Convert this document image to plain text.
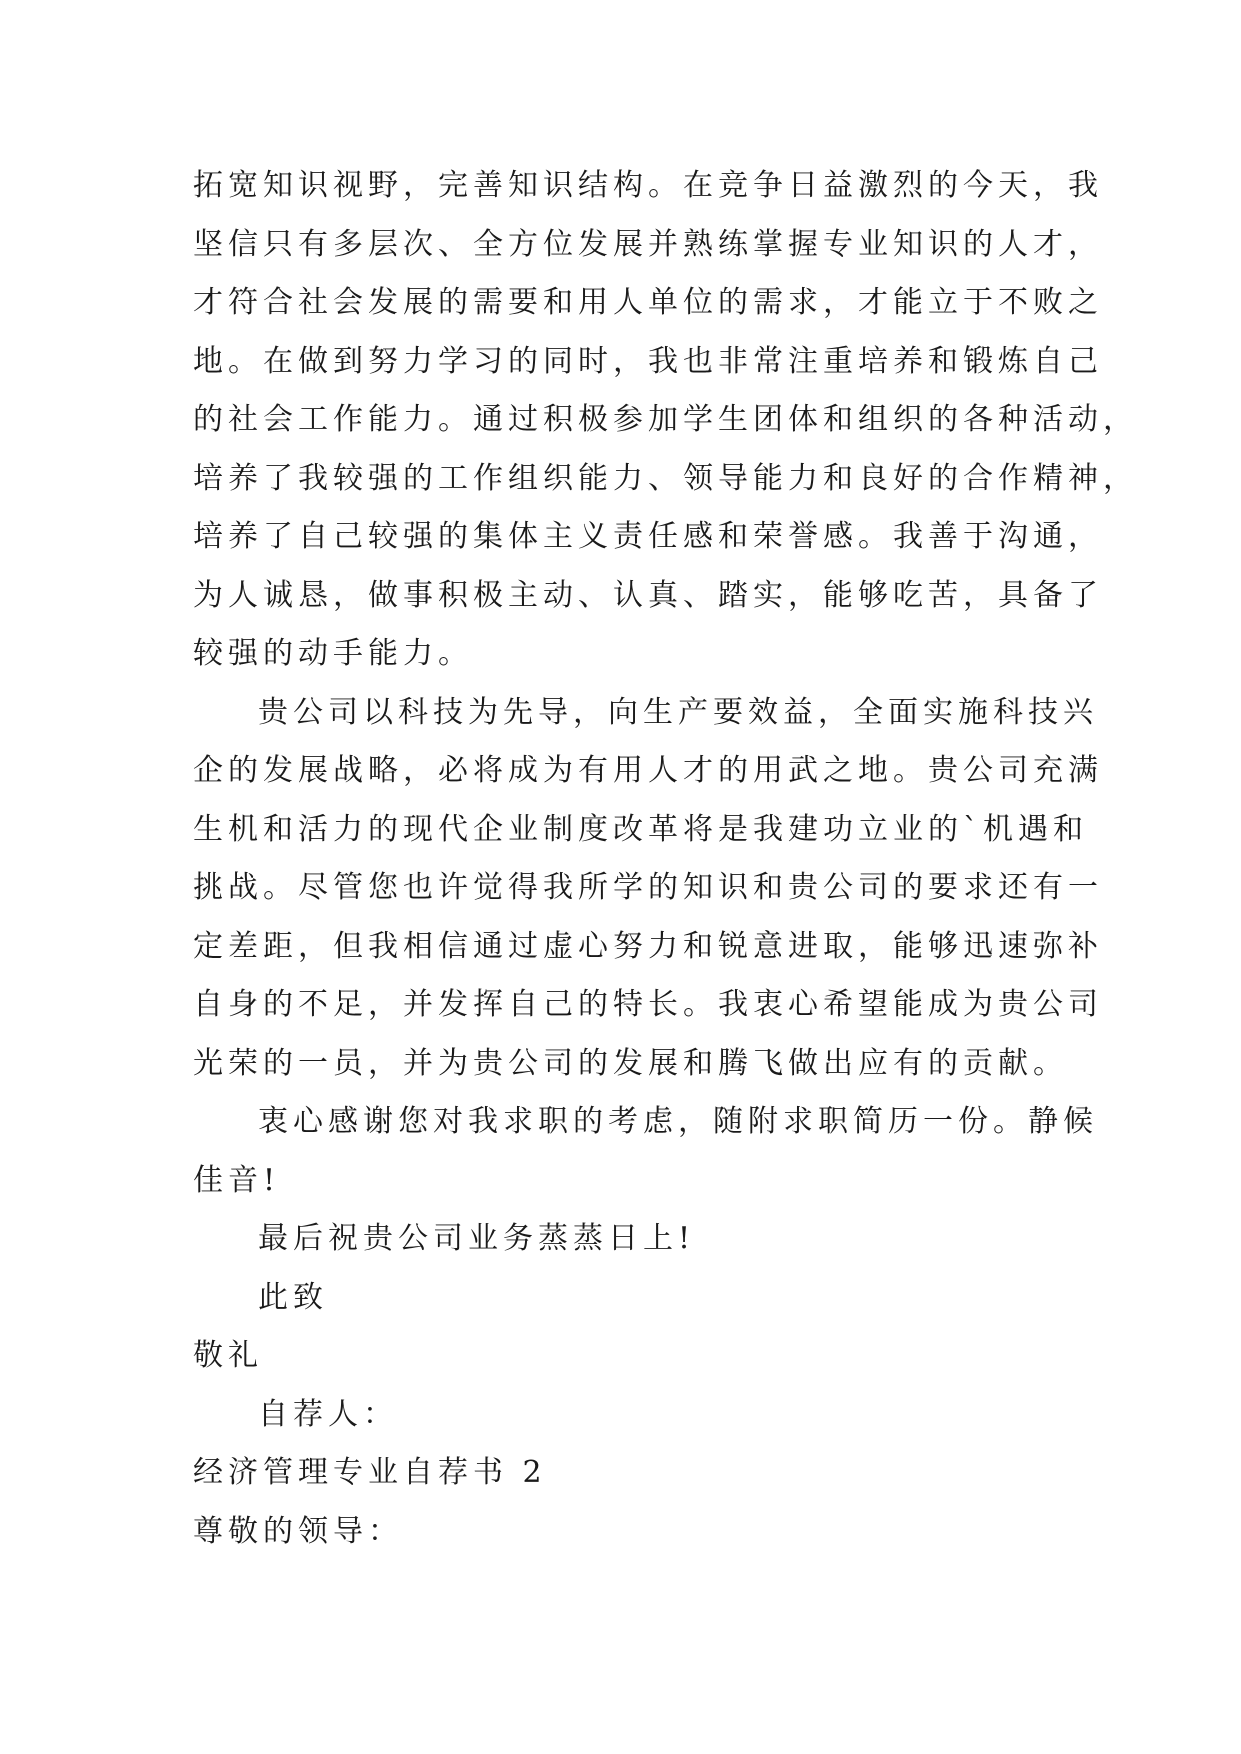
拓宽知识视野，完善知识结构。在竞争日益激烈的今天，我
坚信只有多层次、全方位发展并熟练掌握专业知识的人才，
才符合社会发展的需要和用人单位的需求，才能立于不败之
地。在做到努力学习的同时，我也非常注重培养和锻炼自己
的社会工作能力。通过积极参加学生团体和组织的各种活动，
培养了我较强的工作组织能力、领导能力和良好的合作精神，
培养了自己较强的集体主义责任感和荣誉感。我善于沟通，
为人诚恳，做事积极主动、认真、踏实，能够吃苦，具备了
较强的动手能力。
贵公司以科技为先导，向生产要效益，全面实施科技兴
企的发展战略，必将成为有用人才的用武之地。贵公司充满
生机和活力的现代企业制度改革将是我建功立业的`机遇和
挑战。尽管您也许觉得我所学的知识和贵公司的要求还有一
定差距，但我相信通过虚心努力和锐意进取，能够迅速弥补
自身的不足，并发挥自己的特长。我衷心希望能成为贵公司
光荣的一员，并为贵公司的发展和腾飞做出应有的贡献。
衷心感谢您对我求职的考虑，随附求职简历一份。静候
佳音!
最后祝贵公司业务蒸蒸日上!
此致
敬礼
自荐人：
经济管理专业自荐书 2
尊敬的领导：
